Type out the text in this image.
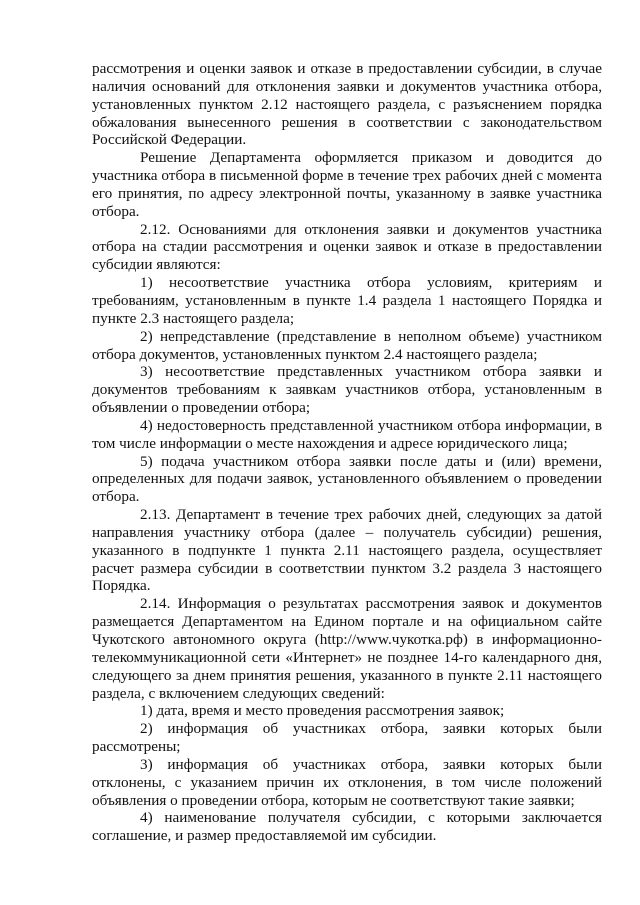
рассмотрения и оценки заявок и отказе в предоставлении субсидии, в случае наличия оснований для отклонения заявки и документов участника отбора, установленных пунктом 2.12 настоящего раздела, с разъяснением порядка обжалования вынесенного решения в соответствии с законодательством Российской Федерации.

Решение Департамента оформляется приказом и доводится до участника отбора в письменной форме в течение трех рабочих дней с момента его принятия, по адресу электронной почты, указанному в заявке участника отбора.

2.12. Основаниями для отклонения заявки и документов участника отбора на стадии рассмотрения и оценки заявок и отказе в предоставлении субсидии являются:

1) несоответствие участника отбора условиям, критериям и требованиям, установленным в пункте 1.4 раздела 1 настоящего Порядка и пункте 2.3 настоящего раздела;

2) непредставление (представление в неполном объеме) участником отбора документов, установленных пунктом 2.4 настоящего раздела;

3) несоответствие представленных участником отбора заявки и документов требованиям к заявкам участников отбора, установленным в объявлении о проведении отбора;

4) недостоверность представленной участником отбора информации, в том числе информации о месте нахождения и адресе юридического лица;

5) подача участником отбора заявки после даты и (или) времени, определенных для подачи заявок, установленного объявлением о проведении отбора.

2.13. Департамент в течение трех рабочих дней, следующих за датой направления участнику отбора (далее – получатель субсидии) решения, указанного в подпункте 1 пункта 2.11 настоящего раздела, осуществляет расчет размера субсидии в соответствии пунктом 3.2 раздела 3 настоящего Порядка.

2.14. Информация о результатах рассмотрения заявок и документов размещается Департаментом на Едином портале и на официальном сайте Чукотского автономного округа (http://www.чукотка.рф) в информационно-телекоммуникационной сети «Интернет» не позднее 14-го календарного дня, следующего за днем принятия решения, указанного в пункте 2.11 настоящего раздела, с включением следующих сведений:

1) дата, время и место проведения рассмотрения заявок;

2) информация об участниках отбора, заявки которых были рассмотрены;

3) информация об участниках отбора, заявки которых были отклонены, с указанием причин их отклонения, в том числе положений объявления о проведении отбора, которым не соответствуют такие заявки;

4) наименование получателя субсидии, с которыми заключается соглашение, и размер предоставляемой им субсидии.
